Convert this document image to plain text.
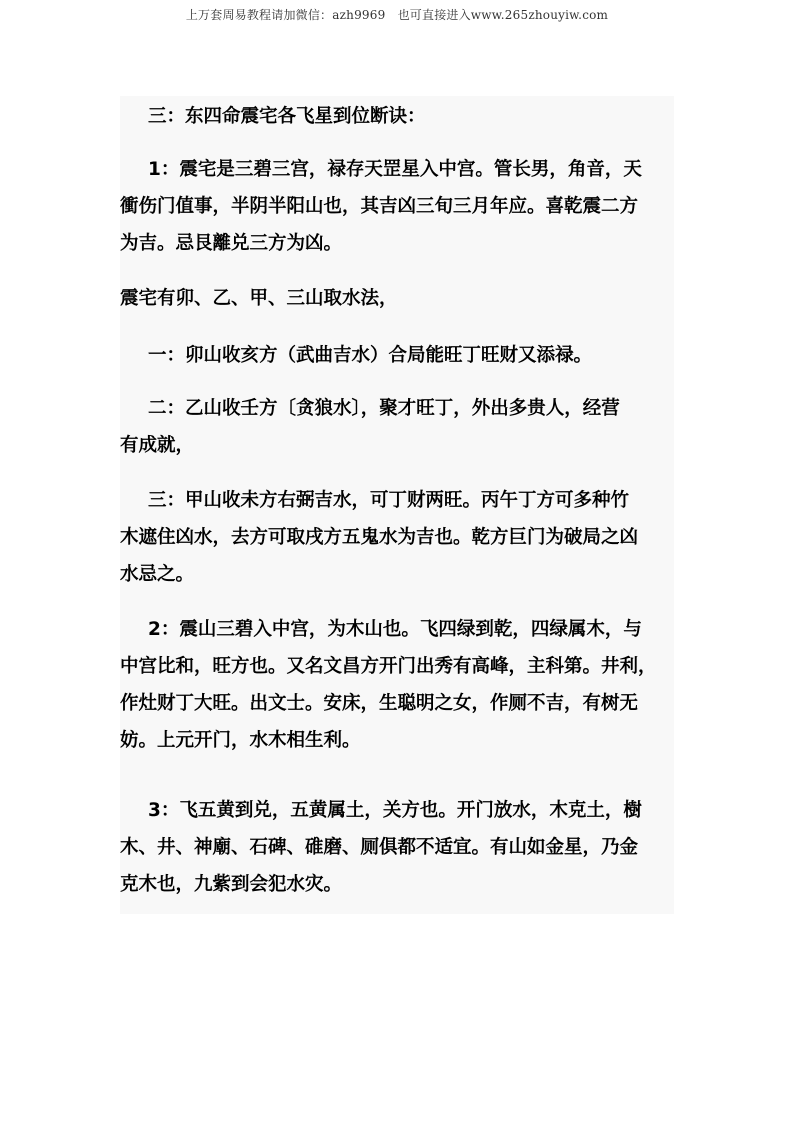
上万套周易教程请加微信：azh9969　也可直接进入www.265zhouyiw.com
三：东四命震宅各飞星到位断诀：
1：震宅是三碧三宫，禄存天罡星入中宫。管长男，角音，天
衝伤门值事，半阴半阳山也，其吉凶三旬三月年应。喜乾震二方
为吉。忌艮離兑三方为凶。
震宅有卯、乙、甲、三山取水法，
一：卯山收亥方（武曲吉水）合局能旺丁旺财又添禄。
二：乙山收壬方〔贪狼水〕，聚才旺丁，外出多贵人，经营
有成就，
三：甲山收未方右弼吉水，可丁财两旺。丙午丁方可多种竹
木遮住凶水，去方可取戌方五鬼水为吉也。乾方巨门为破局之凶
水忌之。
2：震山三碧入中宫，为木山也。飞四绿到乾，四绿属木，与
中宫比和，旺方也。又名文昌方开门出秀有高峰，主科第。井利，
作灶财丁大旺。出文士。安床，生聪明之女，作厕不吉，有树无
妨。上元开门，水木相生利。
3：飞五黄到兑，五黄属土，关方也。开门放水，木克土，樹
木、井、神廟、石碑、碓磨、厕俱都不适宜。有山如金星，乃金
克木也，九紫到会犯水灾。
